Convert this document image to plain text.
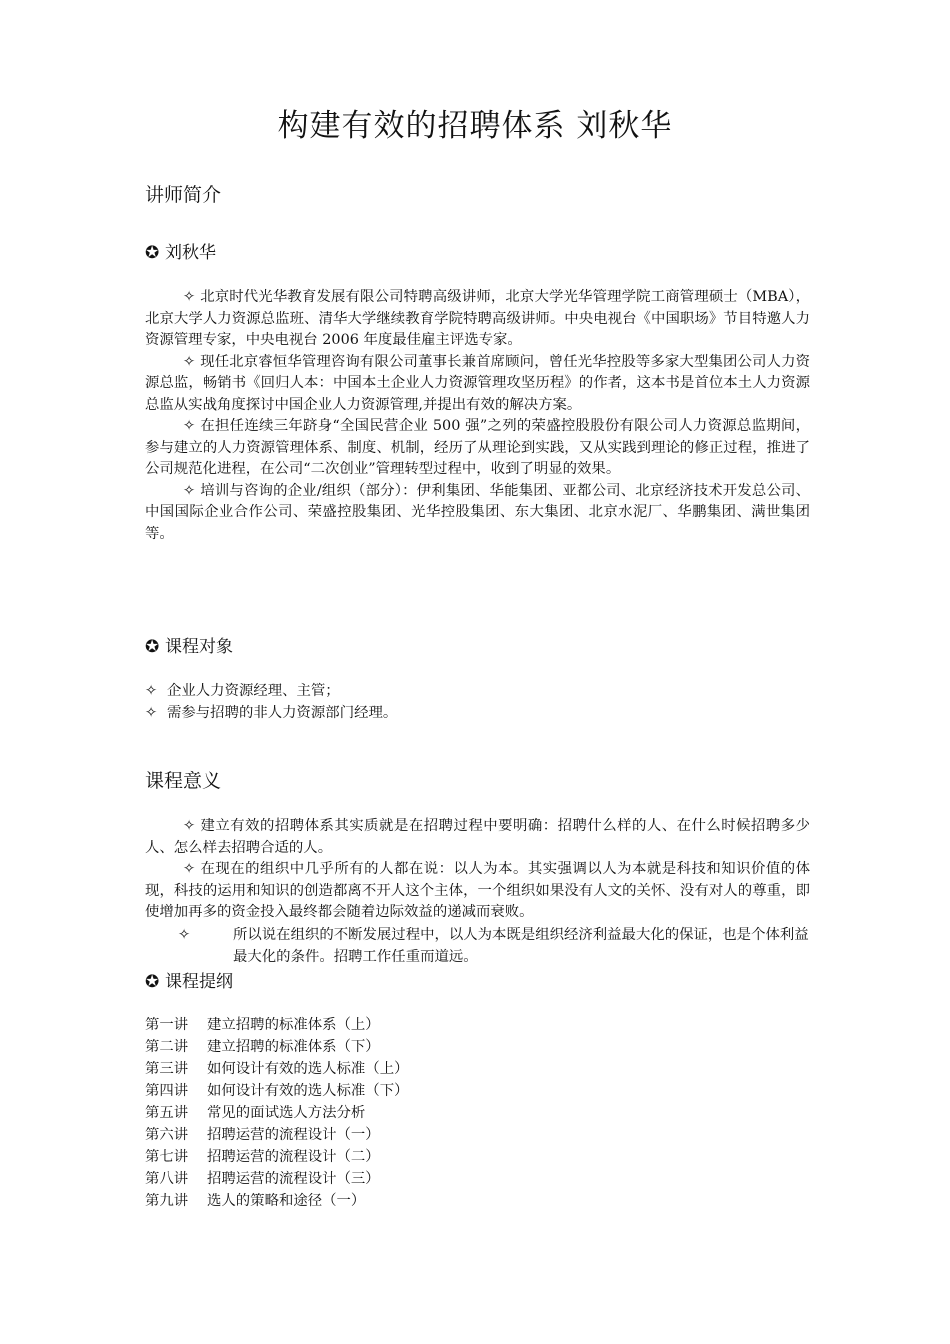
构建有效的招聘体系 刘秋华
讲师简介
✪ 刘秋华

✧ 北京时代光华教育发展有限公司特聘高级讲师，北京大学光华管理学院工商管理硕士（MBA），北京大学人力资源总监班、清华大学继续教育学院特聘高级讲师。中央电视台《中国职场》节目特邀人力资源管理专家，中央电视台 2006 年度最佳雇主评选专家。

✧ 现任北京睿恒华管理咨询有限公司董事长兼首席顾问，曾任光华控股等多家大型集团公司人力资源总监，畅销书《回归人本：中国本土企业人力资源管理攻坚历程》的作者，这本书是首位本土人力资源总监从实战角度探讨中国企业人力资源管理,并提出有效的解决方案。

✧ 在担任连续三年跻身“全国民营企业 500 强”之列的荣盛控股股份有限公司人力资源总监期间，参与建立的人力资源管理体系、制度、机制，经历了从理论到实践，又从实践到理论的修正过程，推进了公司规范化进程，在公司“二次创业”管理转型过程中，收到了明显的效果。

✧ 培训与咨询的企业/组织（部分）：伊利集团、华能集团、亚都公司、北京经济技术开发总公司、中国国际企业合作公司、荣盛控股集团、光华控股集团、东大集团、北京水泥厂、华鹏集团、满世集团等。

✪ 课程对象
✧ 企业人力资源经理、主管；
✧ 需参与招聘的非人力资源部门经理。
课程意义

✧ 建立有效的招聘体系其实质就是在招聘过程中要明确：招聘什么样的人、在什么时候招聘多少人、怎么样去招聘合适的人。

✧ 在现在的组织中几乎所有的人都在说：以人为本。其实强调以人为本就是科技和知识价值的体现，科技的运用和知识的创造都离不开人这个主体，一个组织如果没有人文的关怀、没有对人的尊重，即使增加再多的资金投入最终都会随着边际效益的递减而衰败。

✧	所以说在组织的不断发展过程中，以人为本既是组织经济利益最大化的保证，也是个体利益最大化的条件。招聘工作任重而道远。
✪ 课程提纲
第一讲 建立招聘的标准体系（上）
第二讲 建立招聘的标准体系（下）
第三讲 如何设计有效的选人标准（上）
第四讲 如何设计有效的选人标准（下）
第五讲 常见的面试选人方法分析
第六讲 招聘运营的流程设计（一）
第七讲 招聘运营的流程设计（二）
第八讲 招聘运营的流程设计（三）
第九讲 选人的策略和途径（一）
